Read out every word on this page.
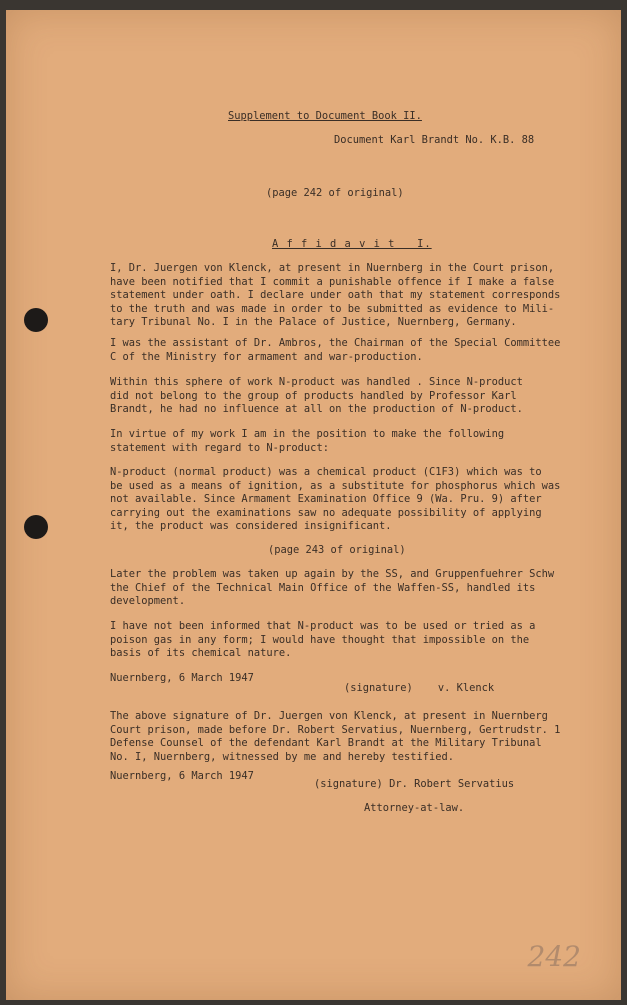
Supplement to Document Book II.
Document Karl Brandt No. K.B. 88
(page 242 of original)
A f f i d a v i t   I.
I, Dr. Juergen von Klenck, at present in Nuernberg in the Court prison,
have been notified that I commit a punishable offence if I make a false
statement under oath. I declare under oath that my statement corresponds
to the truth and was made in order to be submitted as evidence to Mili-
tary Tribunal No. I in the Palace of Justice, Nuernberg, Germany.
I was the assistant of Dr. Ambros, the Chairman of the Special Committee
C of the Ministry for armament and war-production.
Within this sphere of work N-product was handled . Since N-product
did not belong to the group of products handled by Professor Karl
Brandt, he had no influence at all on the production of N-product.
In virtue of my work I am in the position to make the following
statement with regard to N-product:
N-product (normal product) was a chemical product (C1F3) which was to
be used as a means of ignition, as a substitute for phosphorus which was
not available. Since Armament Examination Office 9 (Wa. Pru. 9) after
carrying out the examinations saw no adequate possibility of applying
it, the product was considered insignificant.
(page 243 of original)
Later the problem was taken up again by the SS, and Gruppenfuehrer Schw
the Chief of the Technical Main Office of the Waffen-SS, handled its
development.
I have not been informed that N-product was to be used or tried as a
poison gas in any form; I would have thought that impossible on the
basis of its chemical nature.
Nuernberg, 6 March 1947
(signature)    v. Klenck
The above signature of Dr. Juergen von Klenck, at present in Nuernberg
Court prison, made before Dr. Robert Servatius, Nuernberg, Gertrudstr. 1
Defense Counsel of the defendant Karl Brandt at the Military Tribunal
No. I, Nuernberg, witnessed by me and hereby testified.
Nuernberg, 6 March 1947
(signature) Dr. Robert Servatius
Attorney-at-law.
242
